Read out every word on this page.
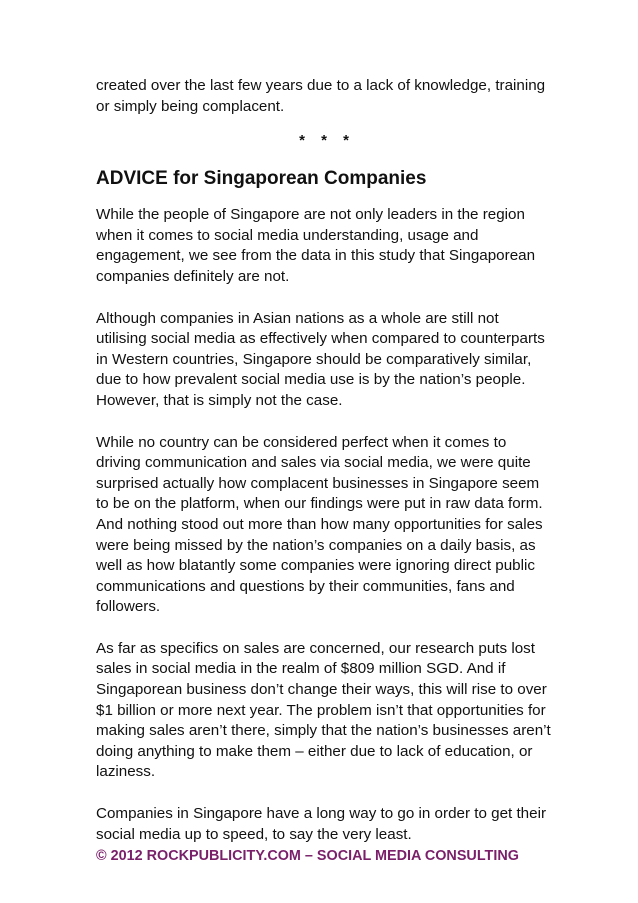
created over the last few years due to a lack of knowledge, training or simply being complacent.

* * *
ADVICE for Singaporean Companies

While the people of Singapore are not only leaders in the region when it comes to social media understanding, usage and engagement, we see from the data in this study that Singaporean companies definitely are not.

Although companies in Asian nations as a whole are still not utilising social media as effectively when compared to counterparts in Western countries, Singapore should be comparatively similar, due to how prevalent social media use is by the nation’s people. However, that is simply not the case.

While no country can be considered perfect when it comes to driving communication and sales via social media, we were quite surprised actually how complacent businesses in Singapore seem to be on the platform, when our findings were put in raw data form. And nothing stood out more than how many opportunities for sales were being missed by the nation’s companies on a daily basis, as well as how blatantly some companies were ignoring direct public communications and questions by their communities, fans and followers.

As far as specifics on sales are concerned, our research puts lost sales in social media in the realm of $809 million SGD. And if Singaporean business don’t change their ways, this will rise to over $1 billion or more next year. The problem isn’t that opportunities for making sales aren’t there, simply that the nation’s businesses aren’t doing anything to make them – either due to lack of education, or laziness.

Companies in Singapore have a long way to go in order to get their social media up to speed, to say the very least.

© 2012 ROCKPUBLICITY.COM – SOCIAL MEDIA CONSULTING
